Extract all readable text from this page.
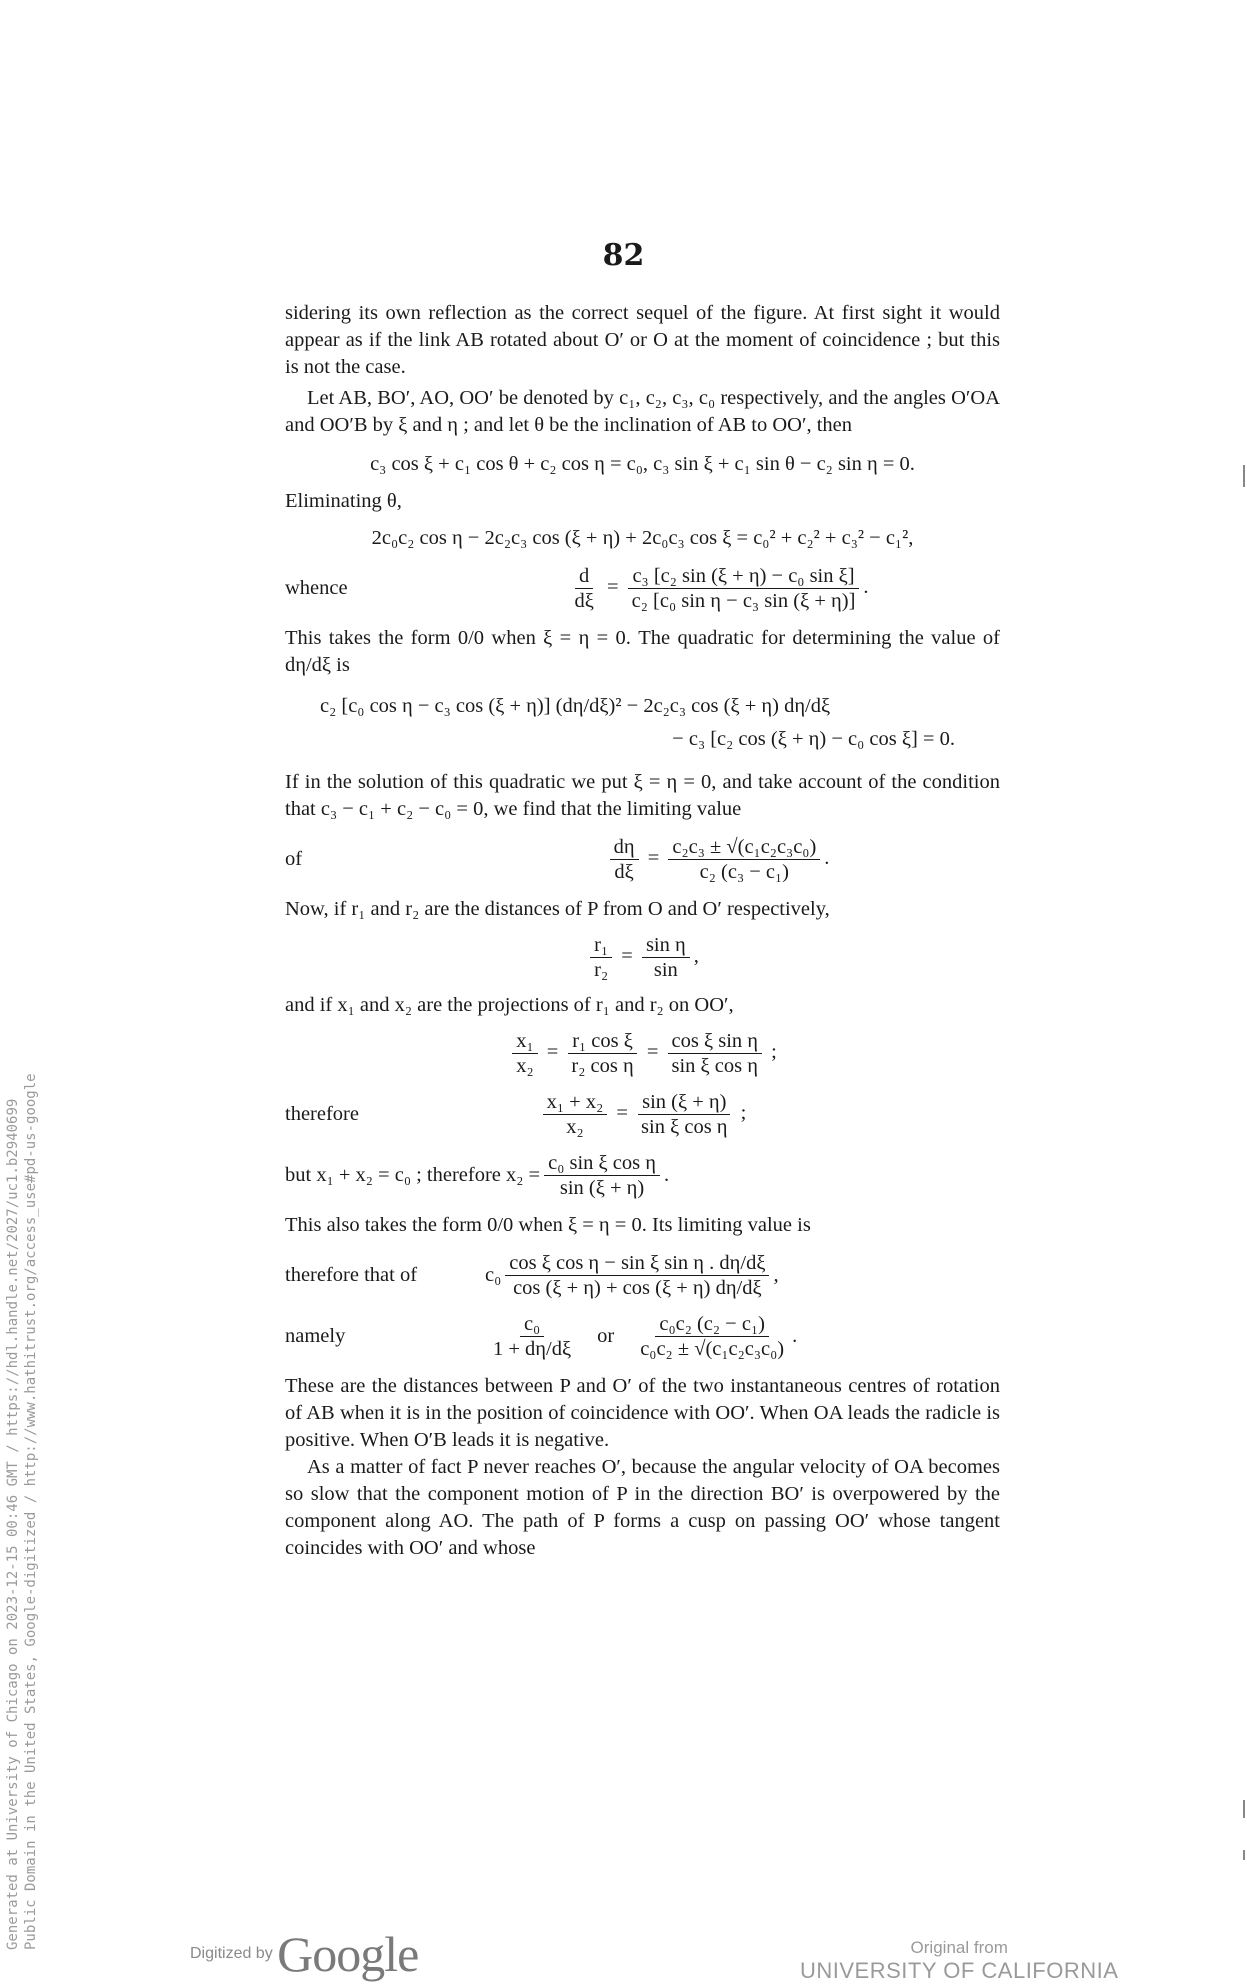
82

sidering its own reflection as the correct sequel of the figure. At first sight it would appear as if the link AB rotated about O′ or O at the moment of coincidence ; but this is not the case.

Let AB, BO′, AO, OO′ be denoted by c₁, c₂, c₃, c₀ respectively, and the angles O′OA and OO′B by ξ and η ; and let θ be the inclination of AB to OO′, then

c₃ cos ξ + c₁ cos θ + c₂ cos η = c₀, c₃ sin ξ + c₁ sin θ − c₂ sin η = 0.

Eliminating θ,

2c₀c₂ cos η − 2c₂c₃ cos (ξ + η) + 2c₀c₃ cos ξ = c₀² + c₂² + c₃² − c₁²,
whence	$\frac{d}{d\xi} = \frac{\text{c₃ [c₂ sin (ξ + η) − c₀ sin ξ]}}{\text{c₂ [c₀ sin η − c₃ sin (ξ + η)]}}$ .

This takes the form 0/0 when ξ = η = 0. The quadratic for determining the value of dη/dξ is

c₂ [c₀ cos η − c₃ cos (ξ + η)] (dη/dξ)² − 2c₂c₃ cos (ξ + η) dη/dξ
− c₃ [c₂ cos (ξ + η) − c₀ cos ξ] = 0.

If in the solution of this quadratic we put ξ = η = 0, and take account of the condition that c₃ − c₁ + c₂ − c₀ = 0, we find that the limiting value

of	$\frac{d\eta}{d\xi} = \frac{\text{c₂c₃ ± √(c₁c₂c₃c₀)}}{\text{c₂ (c₃ − c₁)}}$ .

Now, if r₁ and r₂ are the distances of P from O and O′ respectively,

$\frac{\text{r₁}}{\text{r₂}} = \frac{\text{sin η}}{\sin}$ ,

and if x₁ and x₂ are the projections of r₁ and r₂ on OO′,

$\frac{\text{x₁}}{\text{x₂}} = \frac{\text{r₁ cos ξ}}{\text{r₂ cos η}} = \frac{\text{cos ξ sin η}}{\text{sin ξ cos η}}$ ;
therefore	$\frac{\text{x₁ + x₂}}{\text{x₂}} = \frac{\sin (\xi + \eta)}{\text{sin ξ cos η}}$ ;
but x₁ + x₂ = c₀ ; therefore $x_2 = \frac{\text{c₀ sin ξ cos η}}{\sin (\xi + \eta)}$ .

This also takes the form 0/0 when ξ = η = 0. Its limiting value is

therefore that of	$c_0 \frac{\text{cos ξ cos η − sin ξ sin η . dη/dξ}}{\cos (\xi + \eta) + \cos (\xi + \eta) d\eta/d\xi}$ ,
namely	$\frac{\text{c₀}}{1 + d\eta/d\xi}$ or $\frac{\text{c₀c₂ (c₂ − c₁)}}{\text{c₀c₂ ± √(c₁c₂c₃c₀)}}$ .

These are the distances between P and O′ of the two instantaneous centres of rotation of AB when it is in the position of coincidence with OO′. When OA leads the radicle is positive. When O′B leads it is negative.

As a matter of fact P never reaches O′, because the angular velocity of OA becomes so slow that the component motion of P in the direction BO′ is overpowered by the component along AO. The path of P forms a cusp on passing OO′ whose tangent coincides with OO′ and whose

Generated at University of Chicago on 2023-12-15 00:46 GMT / https://hdl.handle.net/2027/uc1.b2940699 Public Domain in the United States, Google-digitized / http://www.hathitrust.org/access_use#pd-us-google
Digitized by Google	Original from
UNIVERSITY OF CALIFORNIA
